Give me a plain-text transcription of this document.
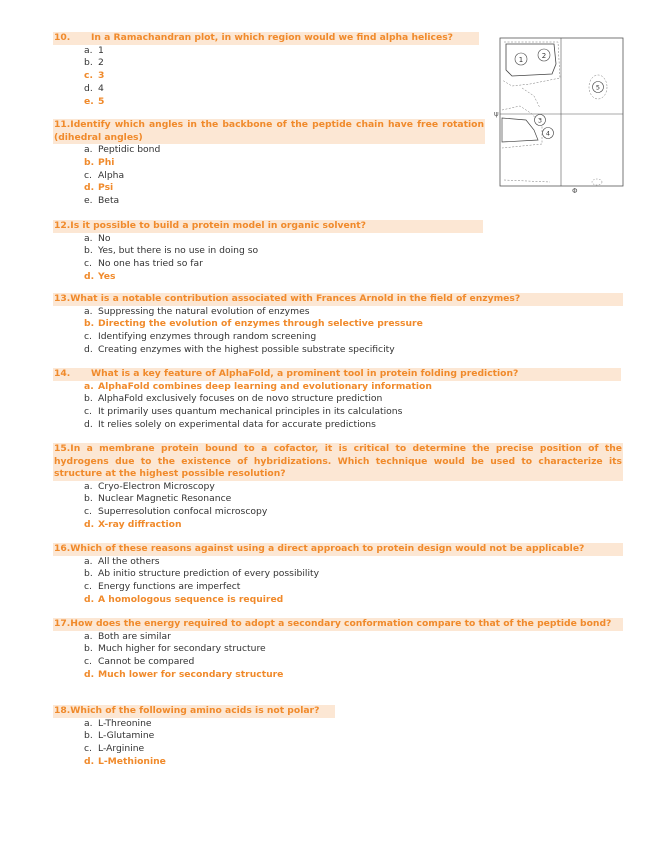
10. In a Ramachandran plot, in which region would we find alpha helices?

a. 1
b. 2
c. 3
d. 4
e. 5
1	2
3
4
5
ψ
Φ

11.Identify which angles in the backbone of the peptide chain have free rotation (dihedral angles)

a. Peptidic bond
b. Phi
c. Alpha
d. Psi
e. Beta

12.Is it possible to build a protein model in organic solvent?

a. No
b. Yes, but there is no use in doing so
c. No one has tried so far
d. Yes

13.What is a notable contribution associated with Frances Arnold in the field of enzymes?

a. Suppressing the natural evolution of enzymes
b. Directing the evolution of enzymes through selective pressure
c. Identifying enzymes through random screening
d. Creating enzymes with the highest possible substrate specificity

14. What is a key feature of AlphaFold, a prominent tool in protein folding prediction?

a. AlphaFold combines deep learning and evolutionary information
b. AlphaFold exclusively focuses on de novo structure prediction
c. It primarily uses quantum mechanical principles in its calculations
d. It relies solely on experimental data for accurate predictions

15.In a membrane protein bound to a cofactor, it is critical to determine the precise position of the hydrogens due to the existence of hybridizations. Which technique would be used to characterize its structure at the highest possible resolution?

a. Cryo-Electron Microscopy
b. Nuclear Magnetic Resonance
c. Superresolution confocal microscopy
d. X-ray diffraction

16.Which of these reasons against using a direct approach to protein design would not be applicable?

a. All the others
b. Ab initio structure prediction of every possibility
c. Energy functions are imperfect
d. A homologous sequence is required

17.How does the energy required to adopt a secondary conformation compare to that of the peptide bond?

a. Both are similar
b. Much higher for secondary structure
c. Cannot be compared
d. Much lower for secondary structure

18.Which of the following amino acids is not polar?

a. L-Threonine
b. L-Glutamine
c. L-Arginine
d. L-Methionine
